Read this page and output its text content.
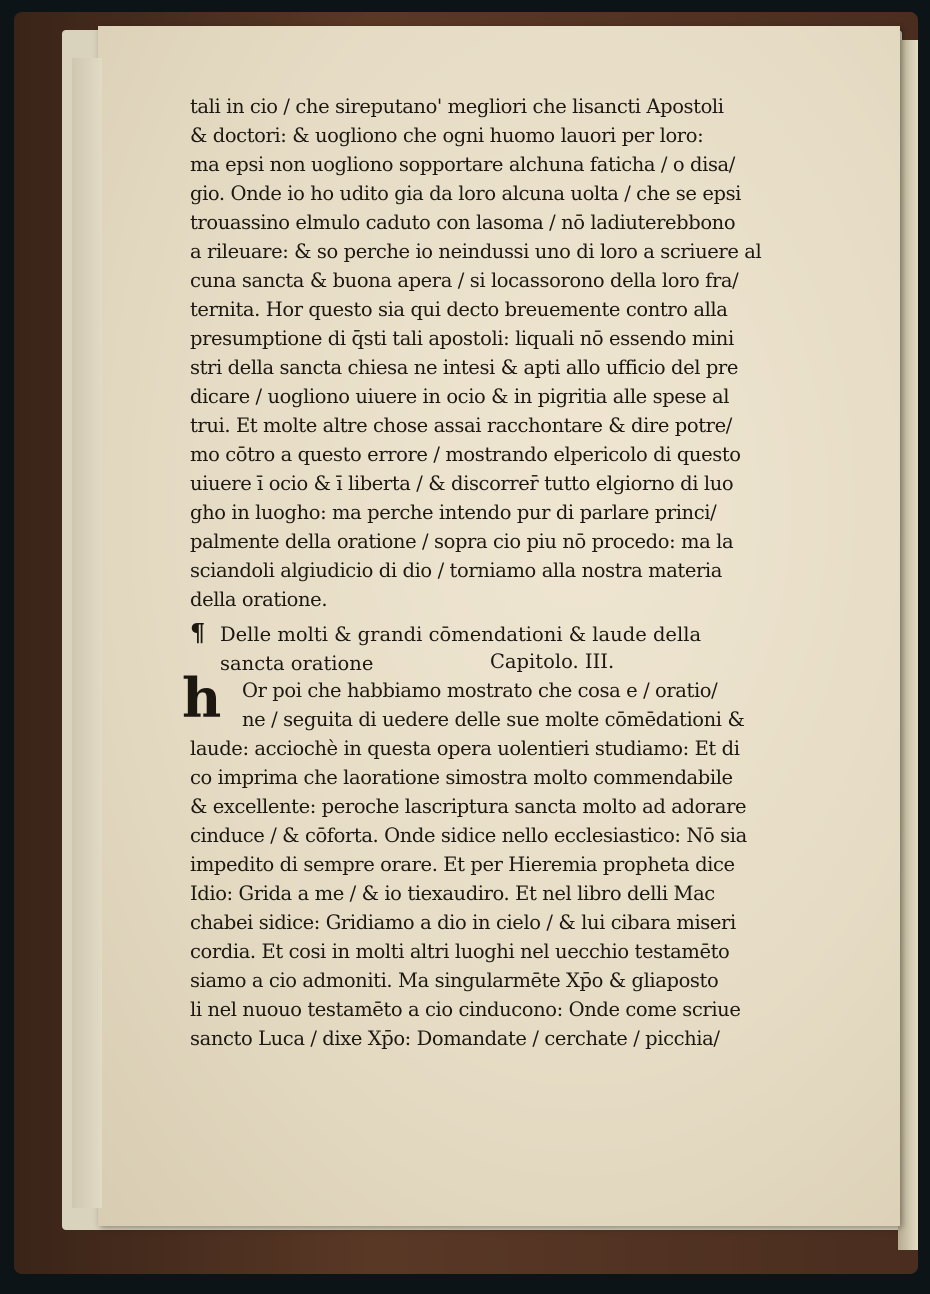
tali in cio / che sireputano' megliori che lisancti Apostoli
& doctori: & uogliono che ogni huomo lauori per loro:
ma epsi non uogliono sopportare alchuna faticha / o disa/
gio. Onde io ho udito gia da loro alcuna uolta / che se epsi
trouassino elmulo caduto con lasoma / nō ladiuterebbono
a rileuare: & so perche io neindussi uno di loro a scriuere al
cuna sancta & buona apera / si locassorono della loro fra/
ternita. Hor questo sia qui decto breuemente contro alla
presumptione di q̄sti tali apostoli: liquali nō essendo mini
stri della sancta chiesa ne intesi & apti allo ufficio del pre
dicare / uogliono uiuere in ocio & in pigritia alle spese al
trui. Et molte altre chose assai racchontare & dire potre/
mo cōtro a questo errore / mostrando elpericolo di questo
uiuere ī ocio & ī liberta / & discorrer̄ tutto elgiorno di luo
gho in luogho: ma perche intendo pur di parlare princi/
palmente della oratione / sopra cio piu nō procedo: ma la
sciandoli algiudicio di dio / torniamo alla nostra materia
della oratione.
¶ Delle molti & grandi cōmendationi & laude della
sancta oratione	Capitolo. III.
h	Or poi che habbiamo mostrato che cosa e / oratio/
ne / seguita di uedere delle sue molte cōmēdationi &
laude: acciochè in questa opera uolentieri studiamo: Et di
co imprima che laoratione simostra molto commendabile
& excellente: peroche lascriptura sancta molto ad adorare
cinduce / & cōforta. Onde sidice nello ecclesiastico: Nō sia
impedito di sempre orare. Et per Hieremia propheta dice
Idio: Grida a me / & io tiexaudiro. Et nel libro delli Mac
chabei sidice: Gridiamo a dio in cielo / & lui cibara miseri
cordia. Et cosi in molti altri luoghi nel uecchio testamēto
siamo a cio admoniti. Ma singularmēte Xp̄o & gliaposto
li nel nuouo testamēto a cio cinducono: Onde come scriue
sancto Luca / dixe Xp̄o: Domandate / cerchate / picchia/
